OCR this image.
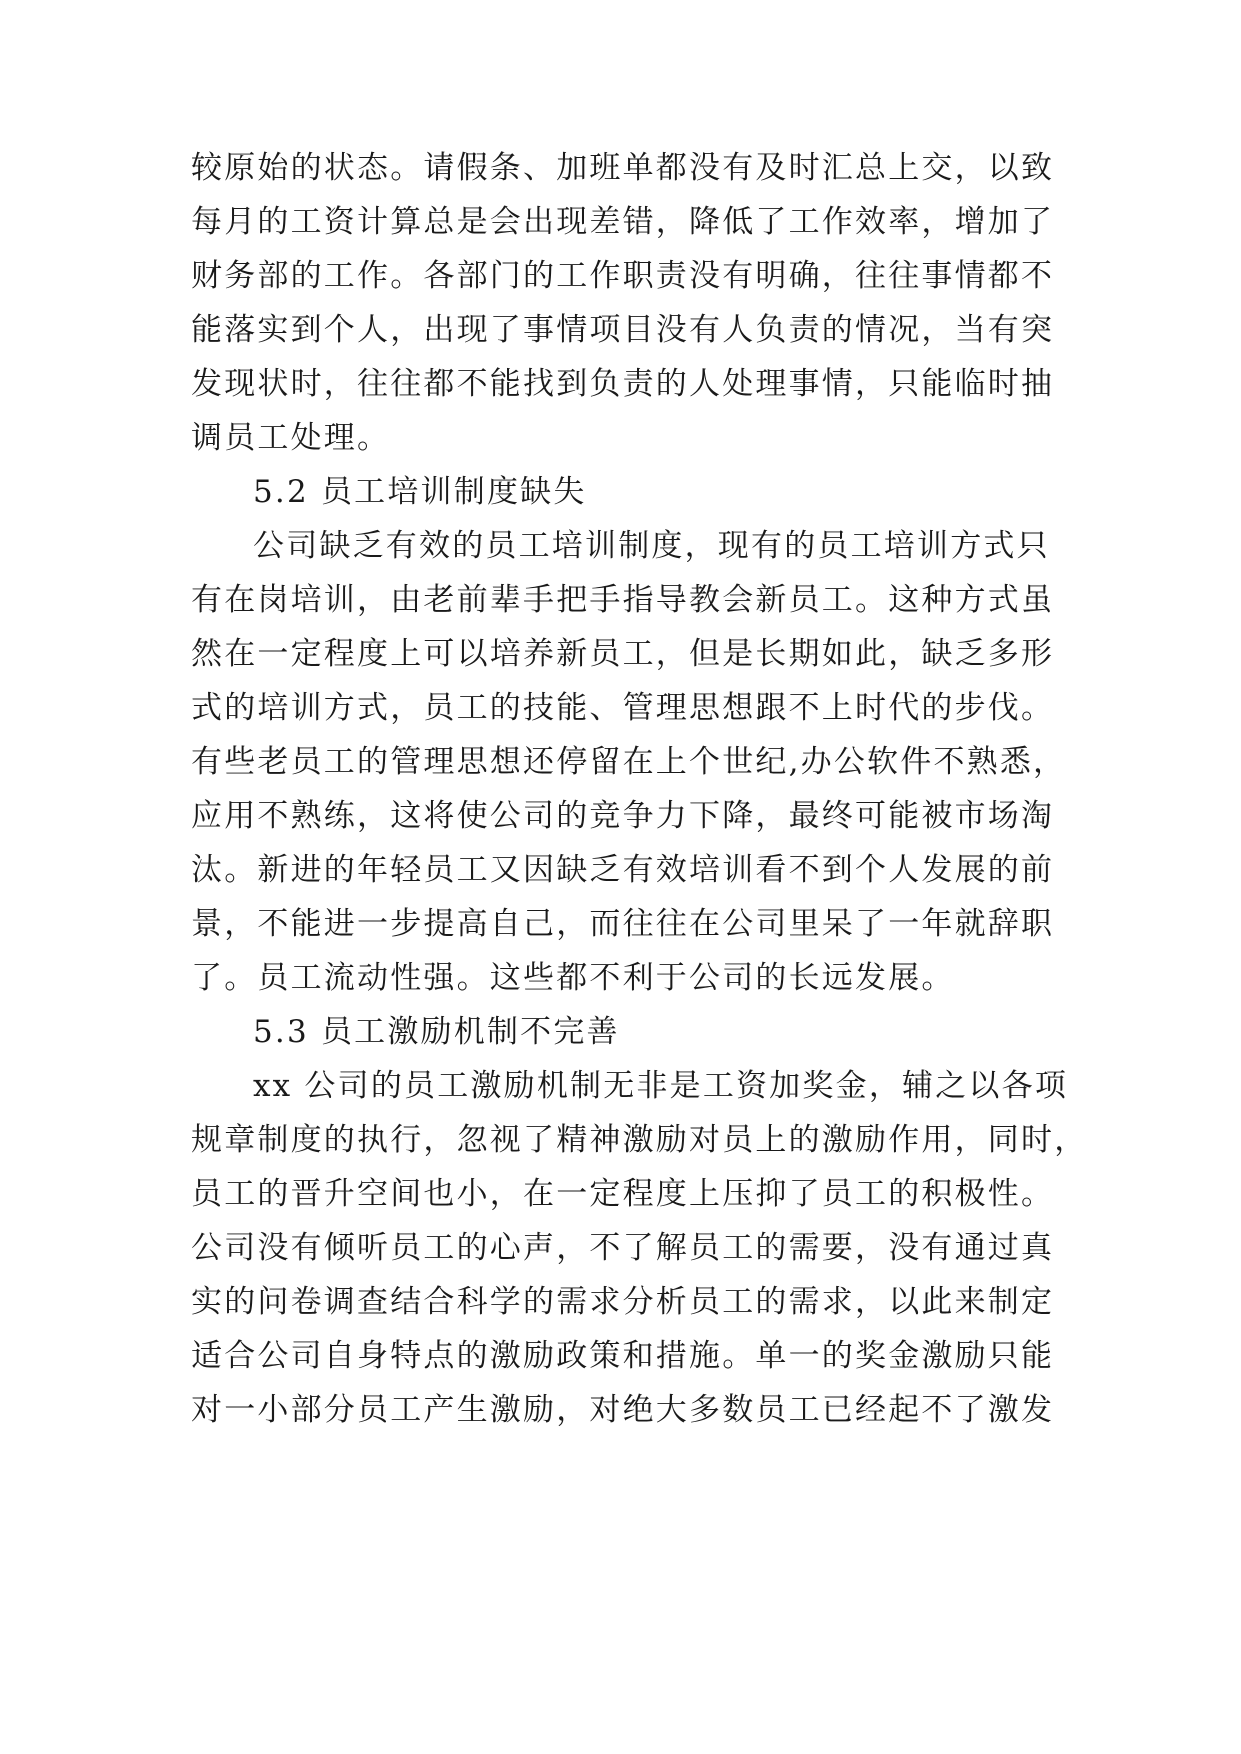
较原始的状态。请假条、加班单都没有及时汇总上交，以致
每月的工资计算总是会出现差错，降低了工作效率，增加了
财务部的工作。各部门的工作职责没有明确，往往事情都不
能落实到个人，出现了事情项目没有人负责的情况，当有突
发现状时，往往都不能找到负责的人处理事情，只能临时抽
调员工处理。
5.2 员工培训制度缺失
公司缺乏有效的员工培训制度，现有的员工培训方式只
有在岗培训，由老前辈手把手指导教会新员工。这种方式虽
然在一定程度上可以培养新员工，但是长期如此，缺乏多形
式的培训方式，员工的技能、管理思想跟不上时代的步伐。
有些老员工的管理思想还停留在上个世纪,办公软件不熟悉，
应用不熟练，这将使公司的竞争力下降，最终可能被市场淘
汰。新进的年轻员工又因缺乏有效培训看不到个人发展的前
景，不能进一步提高自己，而往往在公司里呆了一年就辞职
了。员工流动性强。这些都不利于公司的长远发展。
5.3 员工激励机制不完善
xx 公司的员工激励机制无非是工资加奖金，辅之以各项
规章制度的执行，忽视了精神激励对员上的激励作用，同时，
员工的晋升空间也小，在一定程度上压抑了员工的积极性。
公司没有倾听员工的心声，不了解员工的需要，没有通过真
实的问卷调查结合科学的需求分析员工的需求，以此来制定
适合公司自身特点的激励政策和措施。单一的奖金激励只能
对一小部分员工产生激励，对绝大多数员工已经起不了激发
